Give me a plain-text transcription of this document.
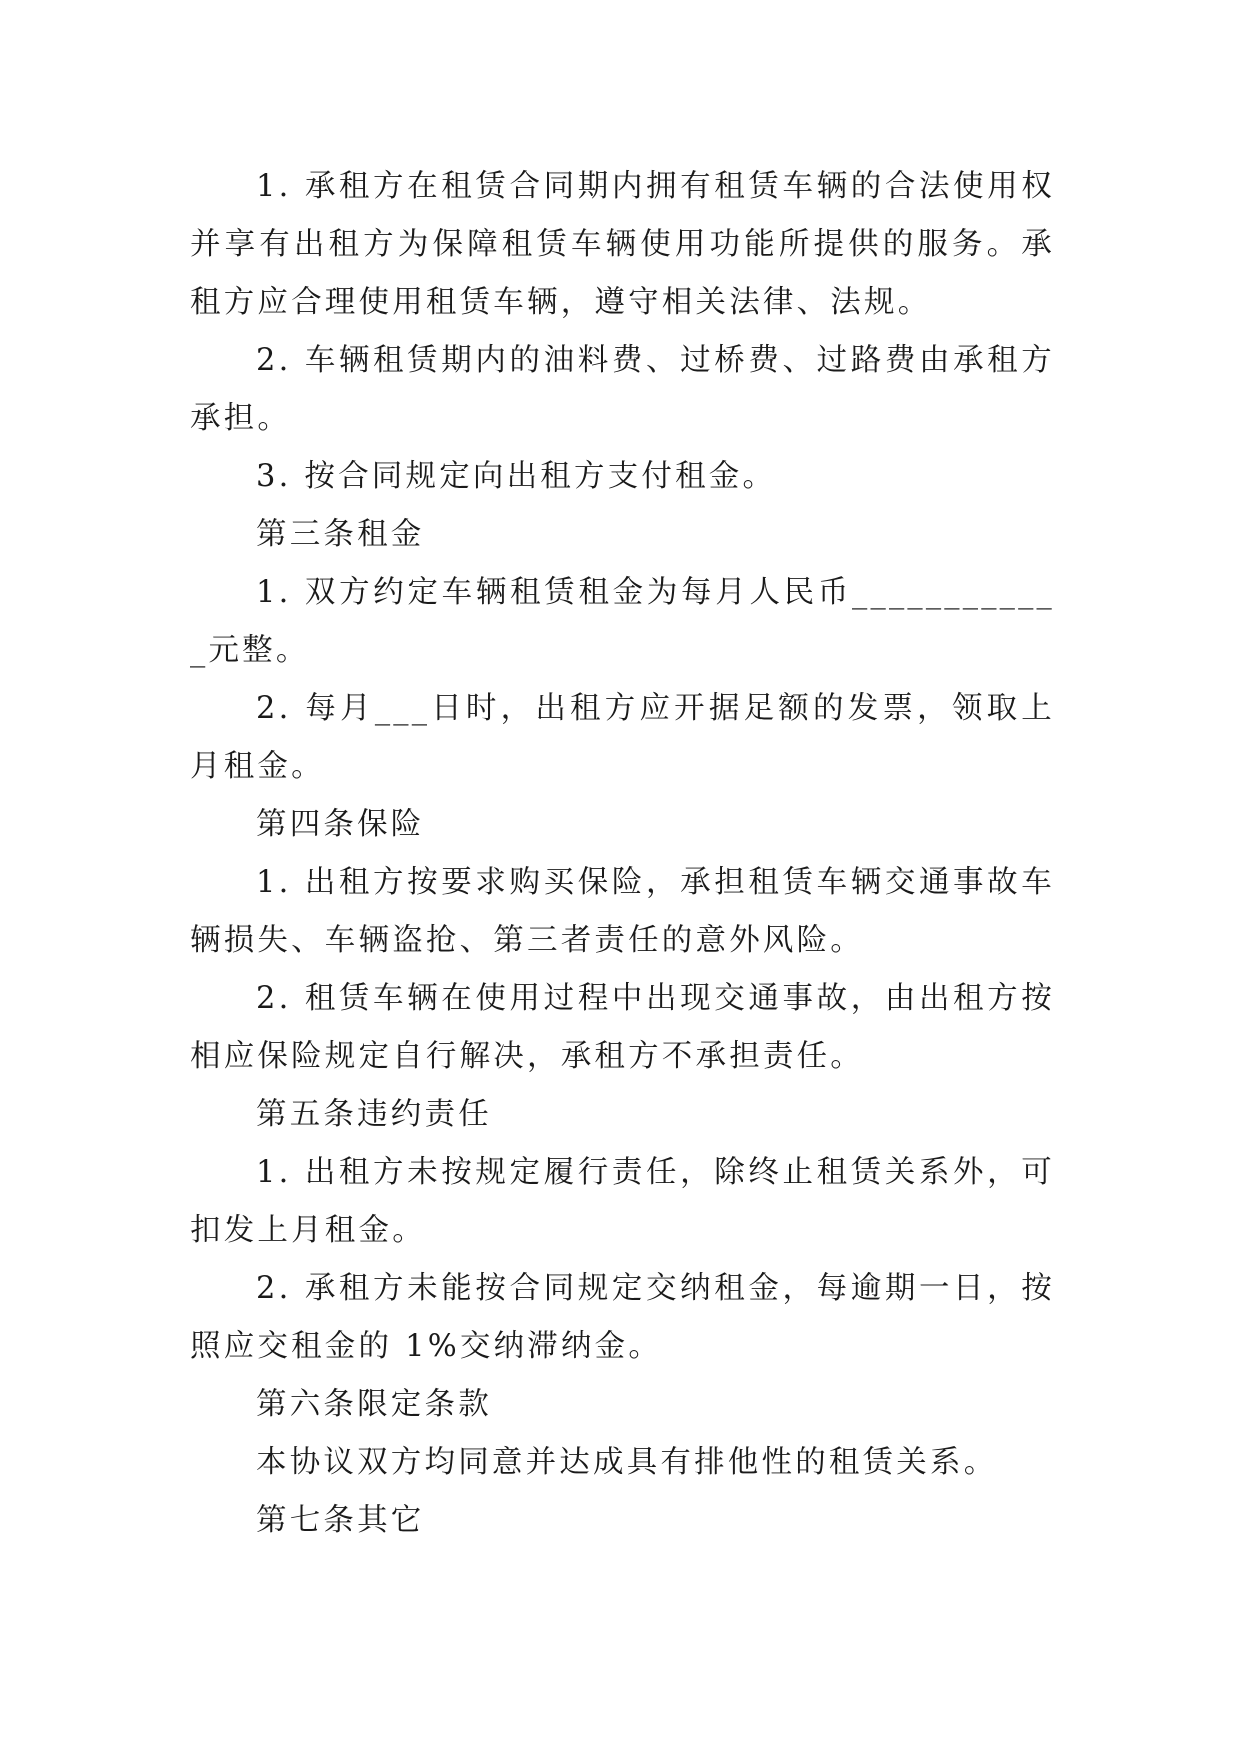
1. 承租方在租赁合同期内拥有租赁车辆的合法使用权并享有出租方为保障租赁车辆使用功能所提供的服务。承租方应合理使用租赁车辆，遵守相关法律、法规。

2. 车辆租赁期内的油料费、过桥费、过路费由承租方承担。

3. 按合同规定向出租方支付租金。

第三条租金

1. 双方约定车辆租赁租金为每月人民币____________元整。

2. 每月___日时，出租方应开据足额的发票，领取上月租金。

第四条保险

1. 出租方按要求购买保险，承担租赁车辆交通事故车辆损失、车辆盗抢、第三者责任的意外风险。

2. 租赁车辆在使用过程中出现交通事故，由出租方按相应保险规定自行解决，承租方不承担责任。

第五条违约责任

1. 出租方未按规定履行责任，除终止租赁关系外，可扣发上月租金。

2. 承租方未能按合同规定交纳租金，每逾期一日，按照应交租金的 1%交纳滞纳金。

第六条限定条款

本协议双方均同意并达成具有排他性的租赁关系。

第七条其它
